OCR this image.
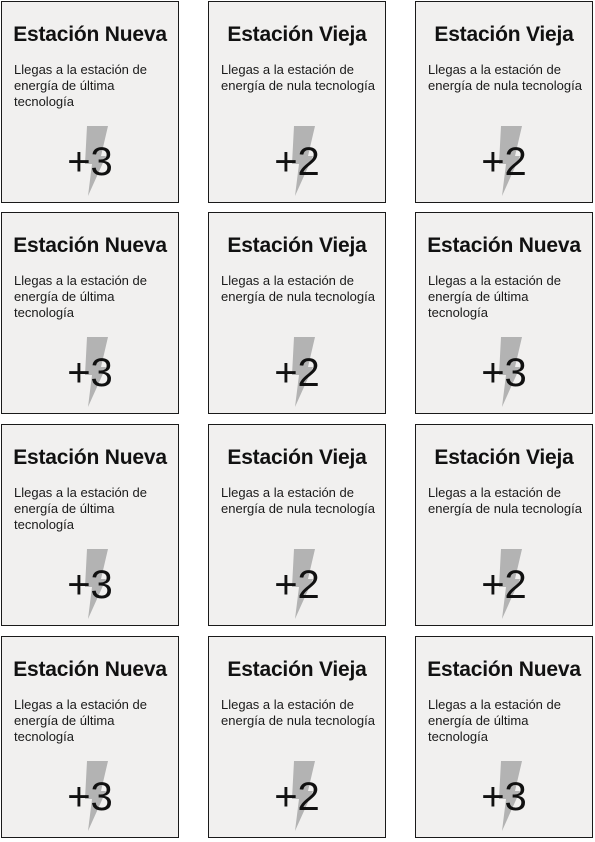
Estación Nueva
Llegas a la estación de energía de última tecnología
+3
Estación Vieja
Llegas a la estación de energía de nula tecnología
+2
Estación Vieja
Llegas a la estación de energía de nula tecnología
+2
Estación Nueva
Llegas a la estación de energía de última tecnología
+3
Estación Vieja
Llegas a la estación de energía de nula tecnología
+2
Estación Nueva
Llegas a la estación de energía de última tecnología
+3
Estación Nueva
Llegas a la estación de energía de última tecnología
+3
Estación Vieja
Llegas a la estación de energía de nula tecnología
+2
Estación Vieja
Llegas a la estación de energía de nula tecnología
+2
Estación Nueva
Llegas a la estación de energía de última tecnología
+3
Estación Vieja
Llegas a la estación de energía de nula tecnología
+2
Estación Nueva
Llegas a la estación de energía de última tecnología
+3
